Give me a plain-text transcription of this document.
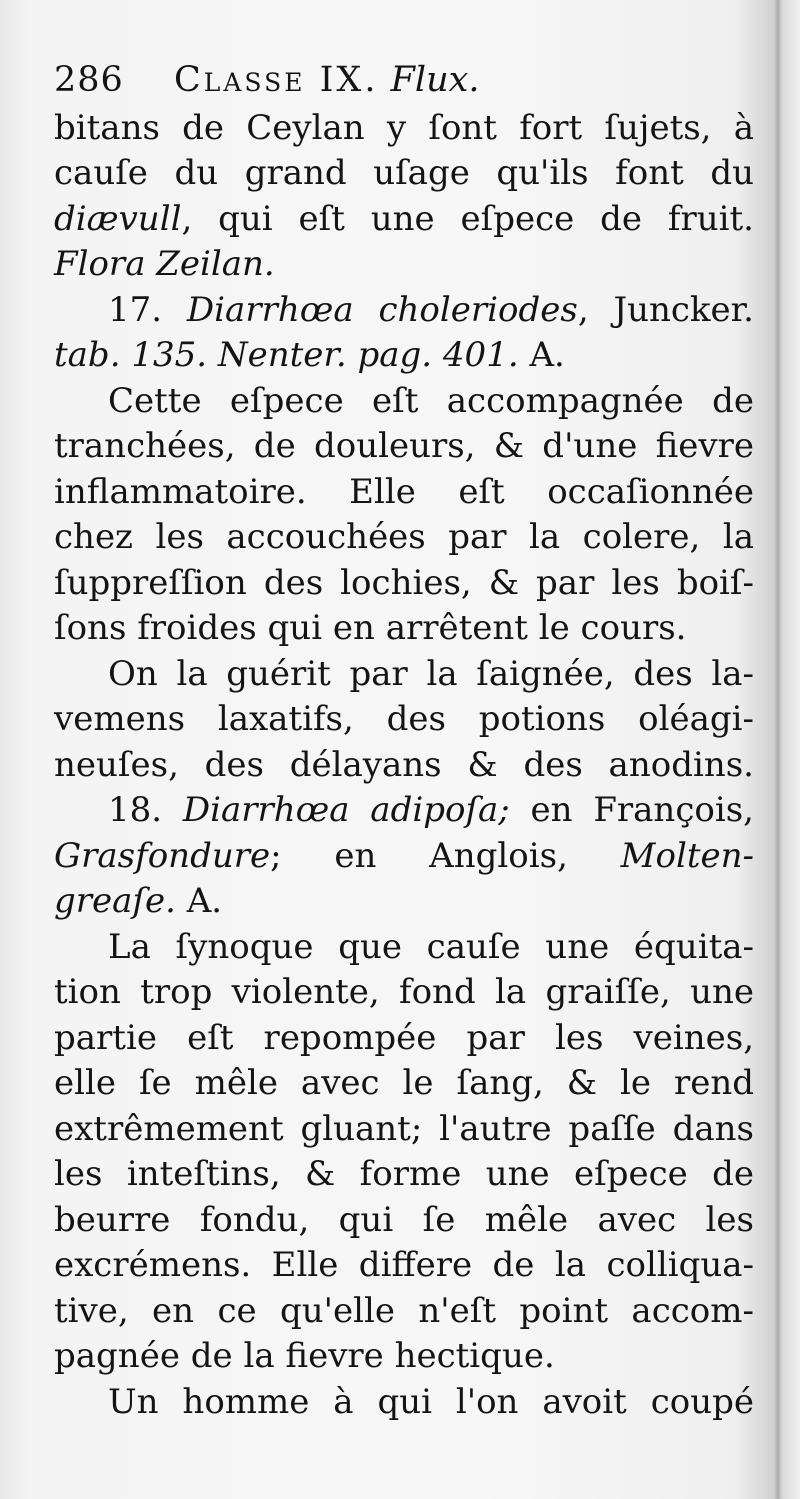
286 Classe IX. Flux.
bitans de Ceylan y ſont fort ſujets, à
cauſe du grand uſage qu'ils font du
diævull, qui eſt une eſpece de fruit.
Flora Zeilan.
17. Diarrhœa choleriodes, Juncker.
tab. 135. Nenter. pag. 401. A.
Cette eſpece eſt accompagnée de
tranchées, de douleurs, & d'une fievre
inflammatoire. Elle eſt occaſionnée
chez les accouchées par la colere, la
ſuppreſſion des lochies, & par les boiſ-
ſons froides qui en arrêtent le cours.
On la guérit par la ſaignée, des la-
vemens laxatifs, des potions oléagi-
neuſes, des délayans & des anodins.
18. Diarrhœa adipoſa; en François,
Grasfondure; en Anglois, Molten-
greaſe. A.
La ſynoque que cauſe une équita-
tion trop violente, fond la graiſſe, une
partie eſt repompée par les veines,
elle ſe mêle avec le ſang, & le rend
extrêmement gluant; l'autre paſſe dans
les inteſtins, & forme une eſpece de
beurre fondu, qui ſe mêle avec les
excrémens. Elle differe de la colliqua-
tive, en ce qu'elle n'eſt point accom-
pagnée de la fievre hectique.
Un homme à qui l'on avoit coupé
